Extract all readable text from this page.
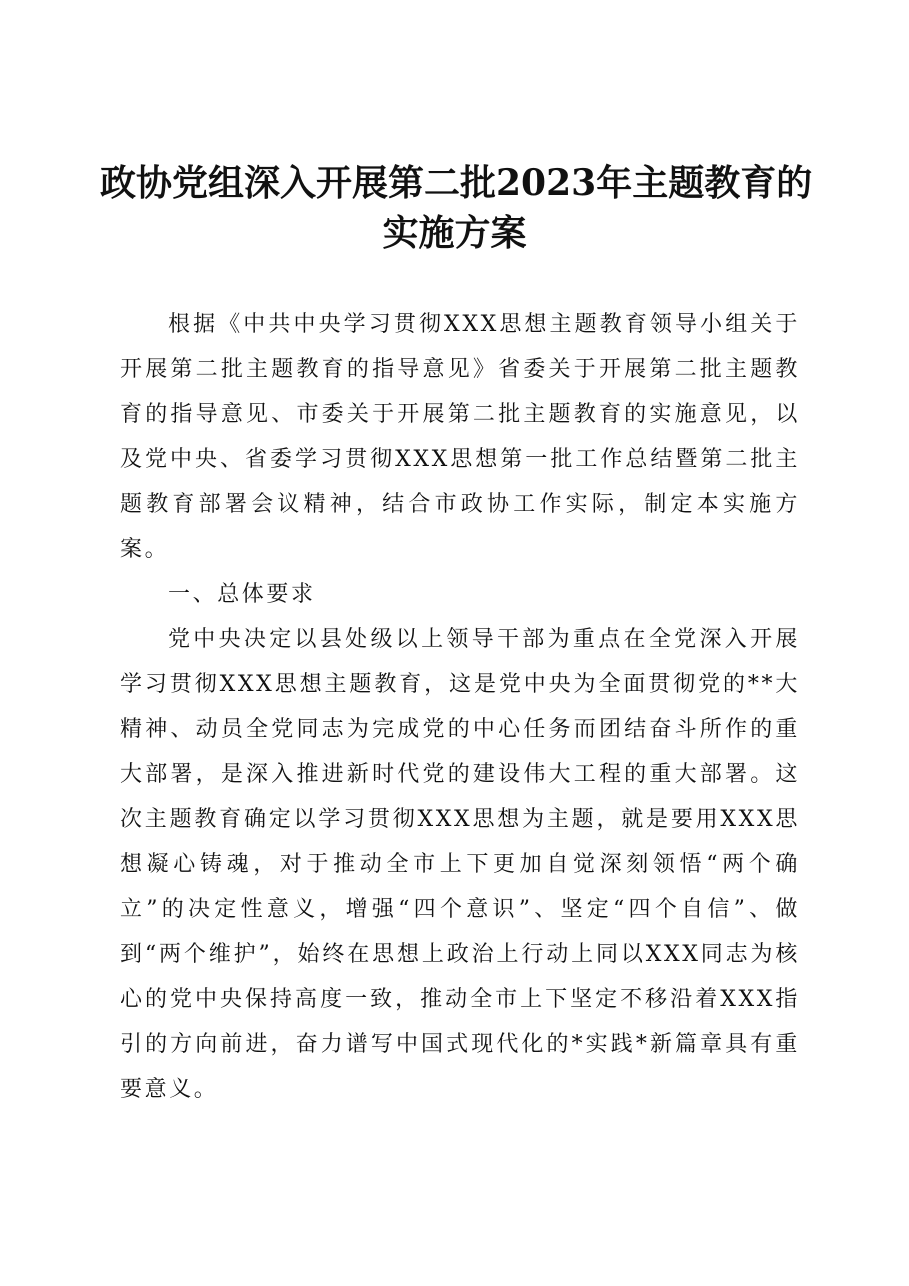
政协党组深入开展第二批2023年主题教育的
实施方案

根据《中共中央学习贯彻XXX思想主题教育领导小组关于开展第二批主题教育的指导意见》省委关于开展第二批主题教育的指导意见、市委关于开展第二批主题教育的实施意见，以及党中央、省委学习贯彻XXX思想第一批工作总结暨第二批主题教育部署会议精神，结合市政协工作实际，制定本实施方案。

一、总体要求

党中央决定以县处级以上领导干部为重点在全党深入开展学习贯彻XXX思想主题教育，这是党中央为全面贯彻党的**大精神、动员全党同志为完成党的中心任务而团结奋斗所作的重大部署，是深入推进新时代党的建设伟大工程的重大部署。这次主题教育确定以学习贯彻XXX思想为主题，就是要用XXX思想凝心铸魂，对于推动全市上下更加自觉深刻领悟“两个确立”的决定性意义，增强“四个意识”、坚定“四个自信”、做到“两个维护”，始终在思想上政治上行动上同以XXX同志为核心的党中央保持高度一致，推动全市上下坚定不移沿着XXX指引的方向前进，奋力谱写中国式现代化的*实践*新篇章具有重要意义。
